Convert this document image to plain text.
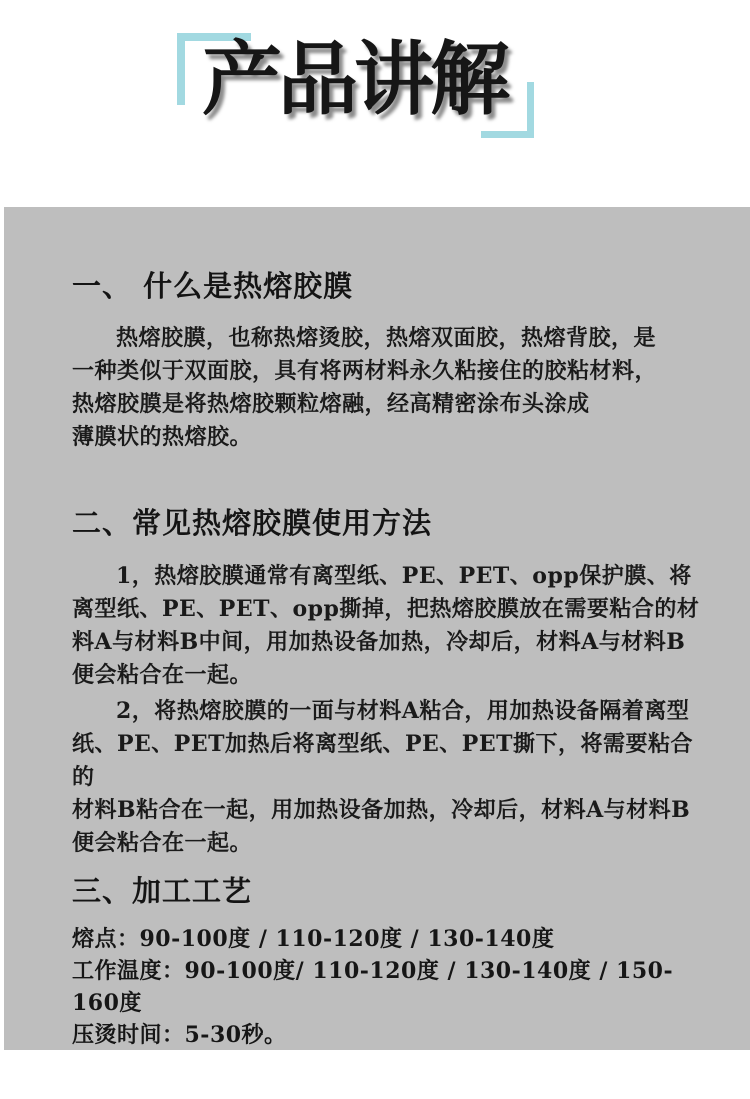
产品讲解
一、 什么是热熔胶膜
热熔胶膜，也称热熔烫胶，热熔双面胶，热熔背胶，是
一种类似于双面胶，具有将两材料永久粘接住的胶粘材料，
热熔胶膜是将热熔胶颗粒熔融，经高精密涂布头涂成
薄膜状的热熔胶。
二、常见热熔胶膜使用方法
1，热熔胶膜通常有离型纸、PE、PET、opp保护膜、将
离型纸、PE、PET、opp撕掉，把热熔胶膜放在需要粘合的材
料A与材料B中间，用加热设备加热，冷却后，材料A与材料B
便会粘合在一起。
2，将热熔胶膜的一面与材料A粘合，用加热设备隔着离型
纸、PE、PET加热后将离型纸、PE、PET撕下，将需要粘合的
材料B粘合在一起，用加热设备加热，冷却后，材料A与材料B
便会粘合在一起。
三、加工工艺
熔点：90-100度 / 110-120度 / 130-140度
工作温度：90-100度/ 110-120度 / 130-140度 / 150-160度
压烫时间：5-30秒。
